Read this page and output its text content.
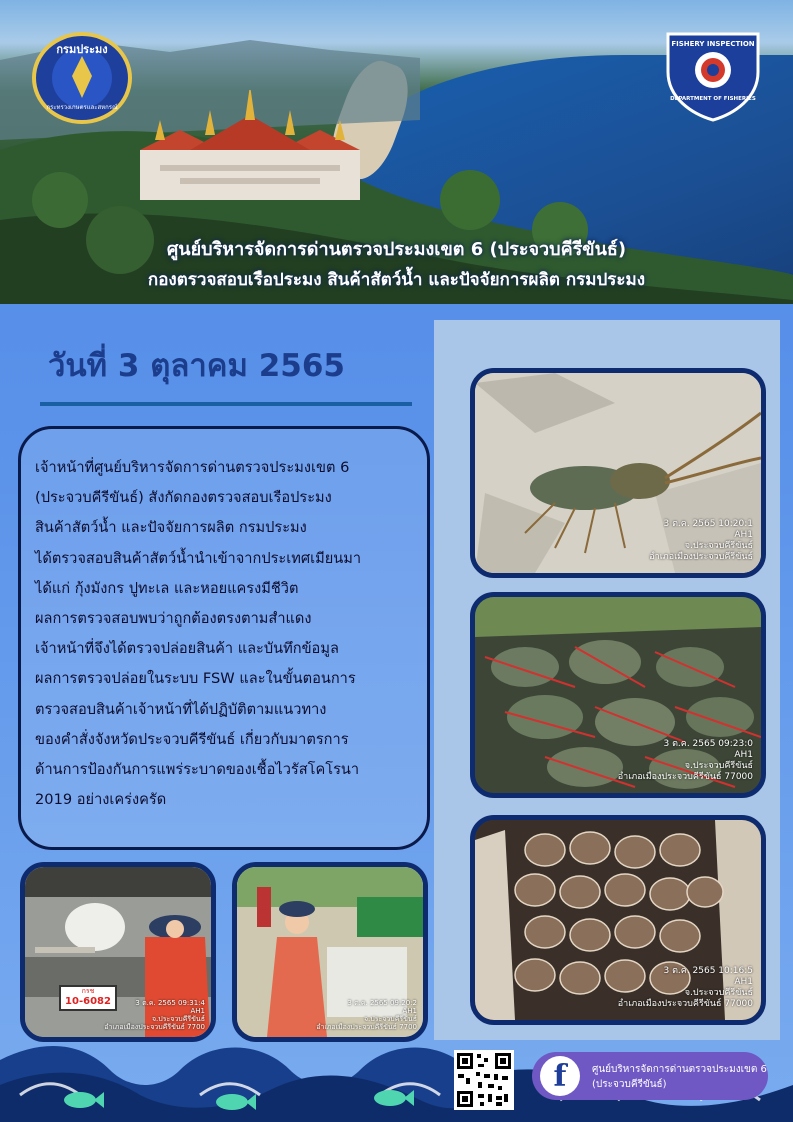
กรมประมง
กระทรวงเกษตรและสหกรณ์
FISHERY INSPECTION
DEPARTMENT OF FISHERIES
ศูนย์บริหารจัดการด่านตรวจประมงเขต 6 (ประจวบคีรีขันธ์)
กองตรวจสอบเรือประมง สินค้าสัตว์น้ำ และปัจจัยการผลิต กรมประมง
วันที่ 3 ตุลาคม 2565
เจ้าหน้าที่ศูนย์บริหารจัดการด่านตรวจประมงเขต 6
(ประจวบคีรีขันธ์) สังกัดกองตรวจสอบเรือประมง
สินค้าสัตว์น้ำ และปัจจัยการผลิต กรมประมง
ได้ตรวจสอบสินค้าสัตว์น้ำนำเข้าจากประเทศเมียนมา
ได้แก่ กุ้งมังกร ปูทะเล และหอยแครงมีชีวิต
ผลการตรวจสอบพบว่าถูกต้องตรงตามสำแดง
เจ้าหน้าที่จึงได้ตรวจปล่อยสินค้า และบันทึกข้อมูล
ผลการตรวจปล่อยในระบบ FSW และในขั้นตอนการ
ตรวจสอบสินค้าเจ้าหน้าที่ได้ปฏิบัติตามแนวทาง
ของคำสั่งจังหวัดประจวบคีรีขันธ์ เกี่ยวกับมาตรการ
ด้านการป้องกันการแพร่ระบาดของเชื้อไวรัสโคโรนา
2019 อย่างเคร่งครัด
3 ต.ค. 2565 10:20:1
AH1
จ.ประจวบคีรีขันธ์
อำเภอเมืองประจวบคีรีขันธ์
3 ต.ค. 2565 09:23:0
AH1
จ.ประจวบคีรีขันธ์
อำเภอเมืองประจวบคีรีขันธ์ 77000
3 ต.ค. 2565 10:16:5
AH1
จ.ประจวบคีรีขันธ์
อำเภอเมืองประจวบคีรีขันธ์ 77000
กรช
10-6082	3 ต.ค. 2565 09:31:4
AH1
จ.ประจวบคีรีขันธ์
อำเภอเมืองประจวบคีรีขันธ์ 7700
3 ต.ค. 2565 09:20:2
AH1
จ.ประจวบคีรีขันธ์
อำเภอเมืองประจวบคีรีขันธ์ 7700
f	ศูนย์บริหารจัดการด่านตรวจประมงเขต 6
(ประจวบคีรีขันธ์)
